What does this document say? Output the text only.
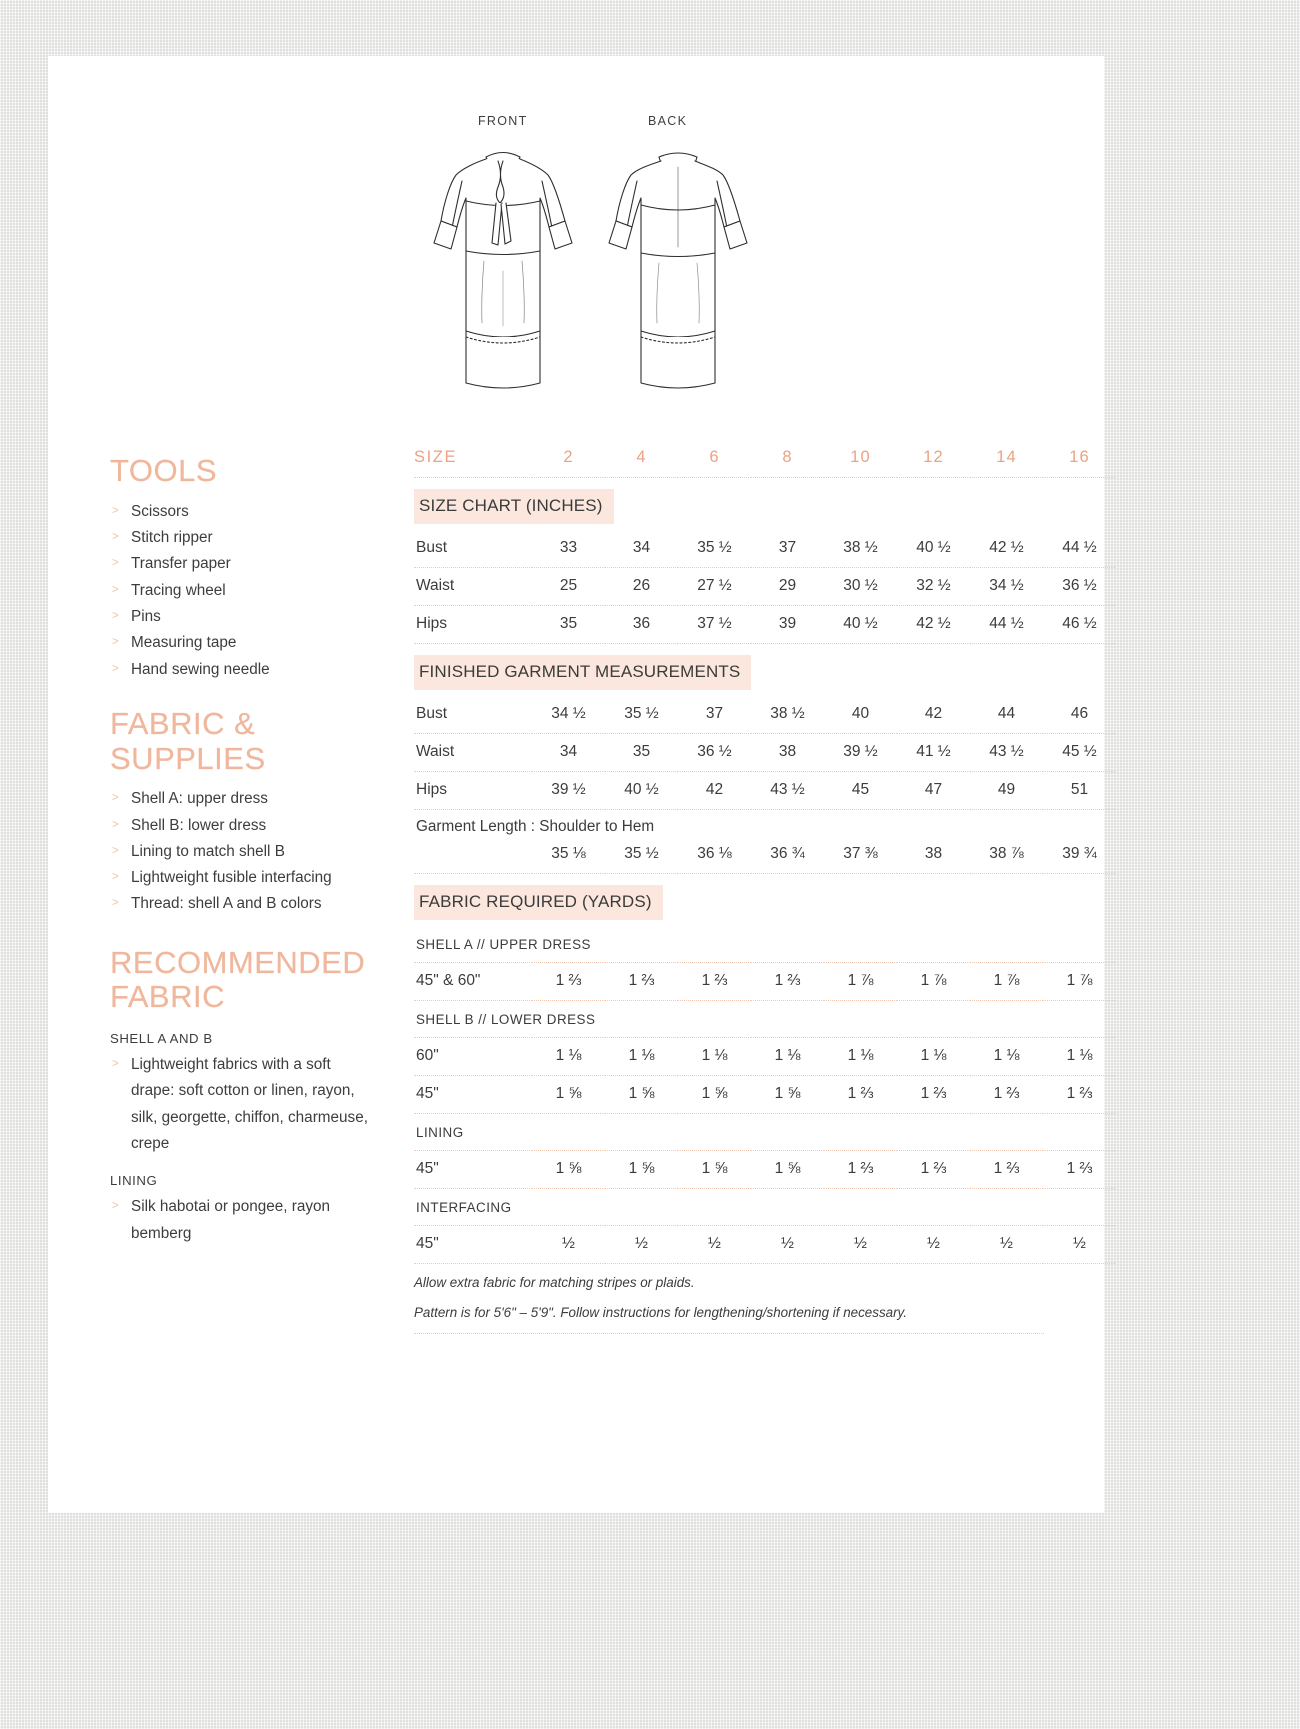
FRONT	BACK
TOOLS
> Scissors
> Stitch ripper
> Transfer paper
> Tracing wheel
> Pins
> Measuring tape
> Hand sewing needle
FABRIC & SUPPLIES
> Shell A: upper dress
> Shell B: lower dress
> Lining to match shell B
> Lightweight fusible interfacing
> Thread: shell A and B colors
RECOMMENDED FABRIC
SHELL A AND B
> Lightweight fabrics with a soft drape: soft cotton or linen, rayon, silk, georgette, chiffon, charmeuse, crepe
LINING
> Silk habotai or pongee, rayon bemberg
SIZE	2	4	6	8	10	12	14	16

SIZE CHART (INCHES)								
Bust	33	34	35 ½	37	38 ½	40 ½	42 ½	44 ½

Waist	25	26	27 ½	29	30 ½	32 ½	34 ½	36 ½

Hips	35	36	37 ½	39	40 ½	42 ½	44 ½	46 ½

FINISHED GARMENT MEASUREMENTS								
Bust	34 ½	35 ½	37	38 ½	40	42	44	46

Waist	34	35	36 ½	38	39 ½	41 ½	43 ½	45 ½

Hips	39 ½	40 ½	42	43 ½	45	47	49	51

Garment Length : Shoulder to Hem								
	35 ⅛	35 ½	36 ⅛	36 ¾	37 ⅜	38	38 ⅞	39 ¾

FABRIC REQUIRED (YARDS)								
SHELL A // UPPER DRESS								

45" & 60"	1 ⅔	1 ⅔	1 ⅔	1 ⅔	1 ⅞	1 ⅞	1 ⅞	1 ⅞

SHELL B // LOWER DRESS								

60"	1 ⅛	1 ⅛	1 ⅛	1 ⅛	1 ⅛	1 ⅛	1 ⅛	1 ⅛

45"	1 ⅝	1 ⅝	1 ⅝	1 ⅝	1 ⅔	1 ⅔	1 ⅔	1 ⅔

LINING								

45"	1 ⅝	1 ⅝	1 ⅝	1 ⅝	1 ⅔	1 ⅔	1 ⅔	1 ⅔

INTERFACING								

45"	½	½	½	½	½	½	½	½

Allow extra fabric for matching stripes or plaids.
Pattern is for 5'6" – 5'9". Follow instructions for lengthening/shortening if necessary.
